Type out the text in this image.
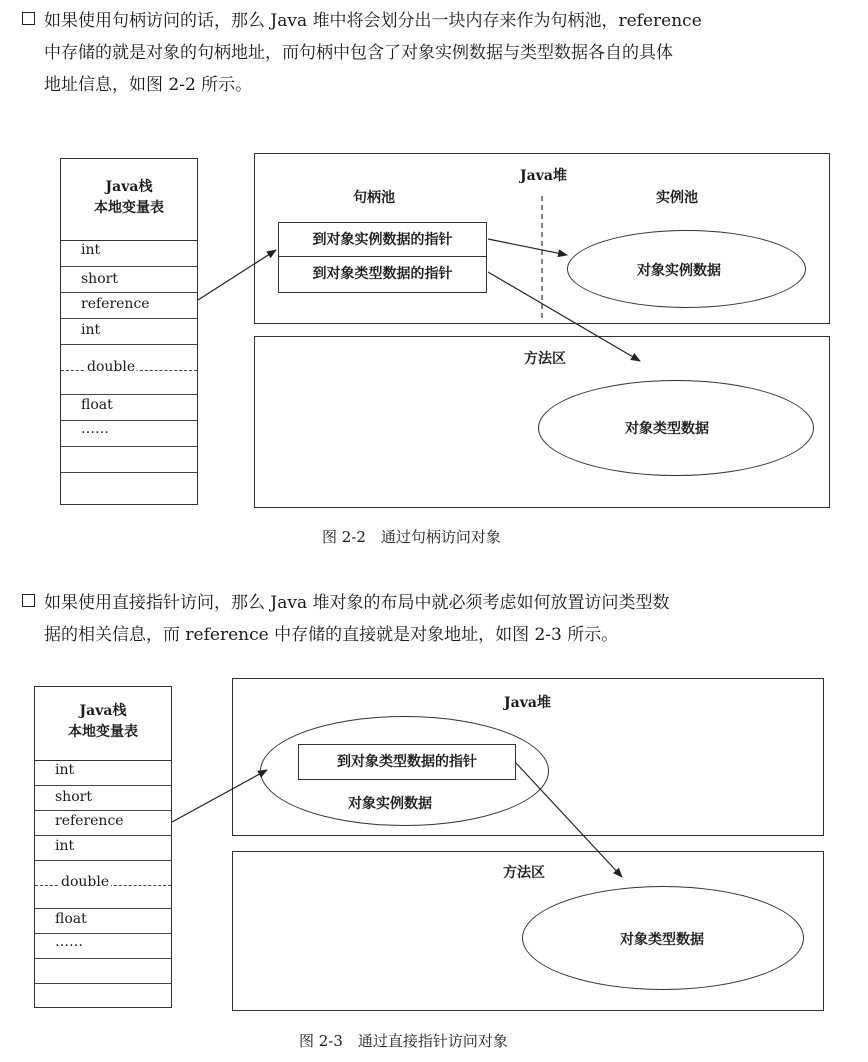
如果使用句柄访问的话，那么 Java 堆中将会划分出一块内存来作为句柄池，reference
中存储的就是对象的句柄地址，而句柄中包含了对象实例数据与类型数据各自的具体
地址信息，如图 2-2 所示。
Java栈
本地变量表
int
short
reference
int
double
float
……
Java堆
句柄池	实例池
到对象实例数据的指针
到对象类型数据的指针	对象实例数据
方法区
对象类型数据
图 2-2　通过句柄访问对象
如果使用直接指针访问，那么 Java 堆对象的布局中就必须考虑如何放置访问类型数
据的相关信息，而 reference 中存储的直接就是对象地址，如图 2-3 所示。
Java栈
本地变量表
int
short
reference
int
double
float
……
Java堆
到对象类型数据的指针
对象实例数据
方法区
对象类型数据
图 2-3　通过直接指针访问对象
